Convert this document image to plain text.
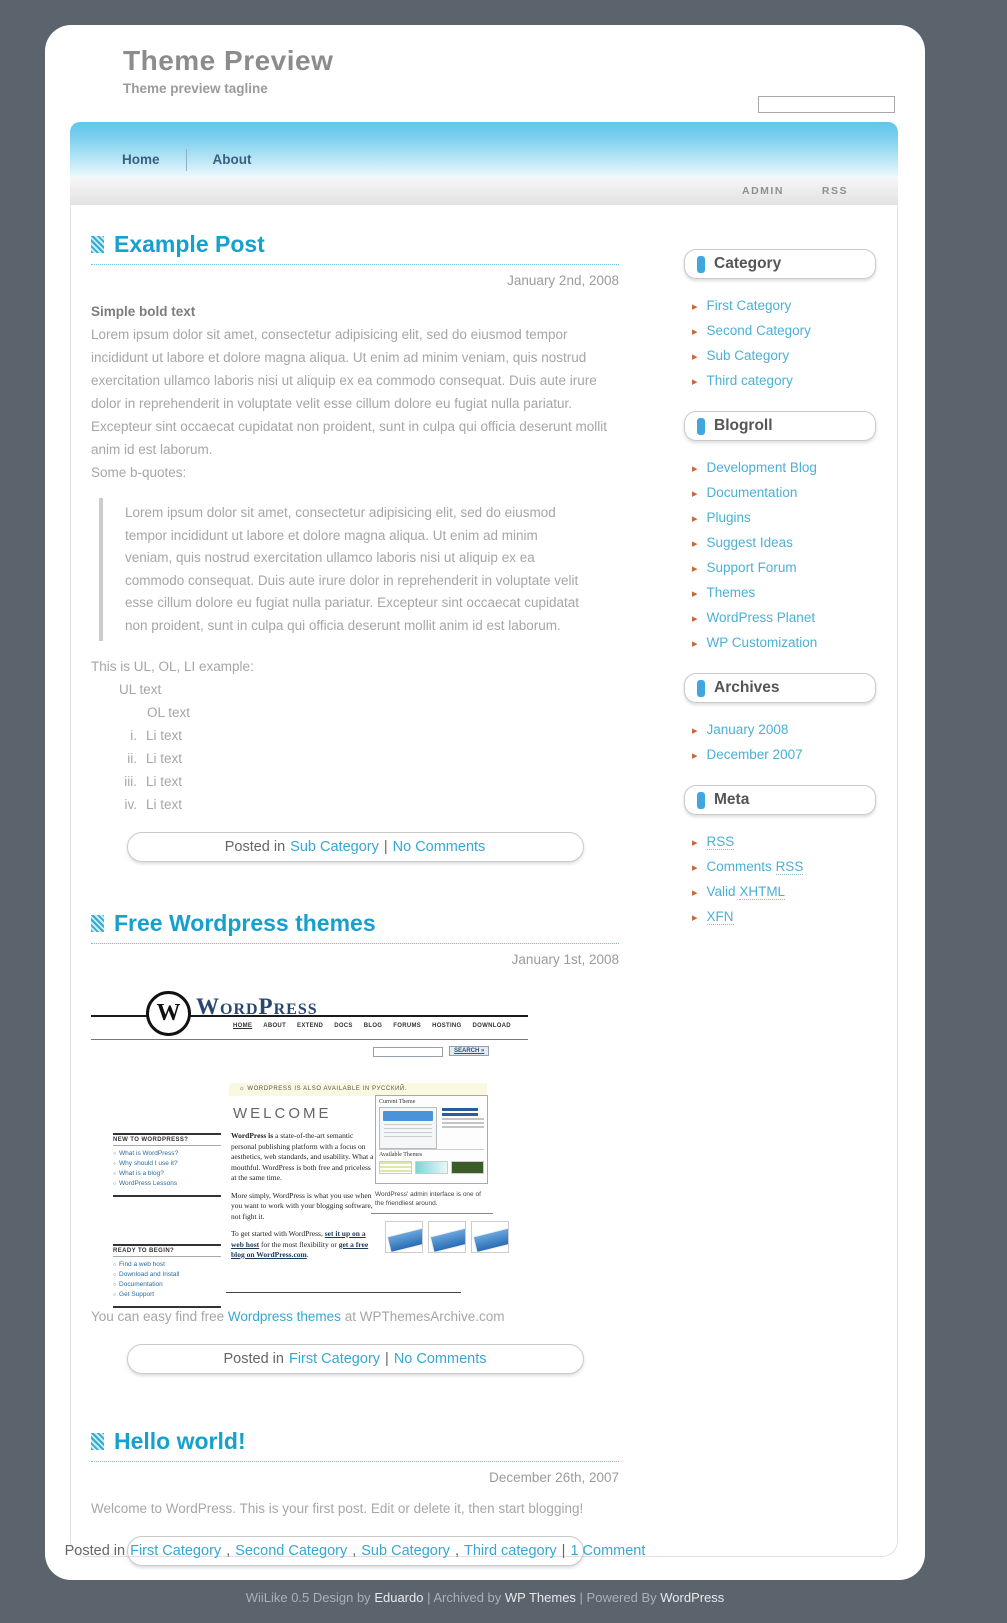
Theme Preview
Theme preview tagline
Home	About
ADMIN	RSS
Example Post
January 2nd, 2008

Simple bold text

Lorem ipsum dolor sit amet, consectetur adipisicing elit, sed do eiusmod tempor incididunt ut labore et dolore magna aliqua. Ut enim ad minim veniam, quis nostrud exercitation ullamco laboris nisi ut aliquip ex ea commodo consequat. Duis aute irure dolor in reprehenderit in voluptate velit esse cillum dolore eu fugiat nulla pariatur. Excepteur sint occaecat cupidatat non proident, sunt in culpa qui officia deserunt mollit anim id est laborum.

Some b-quotes:

Lorem ipsum dolor sit amet, consectetur adipisicing elit, sed do eiusmod tempor incididunt ut labore et dolore magna aliqua. Ut enim ad minim veniam, quis nostrud exercitation ullamco laboris nisi ut aliquip ex ea commodo consequat. Duis aute irure dolor in reprehenderit in voluptate velit esse cillum dolore eu fugiat nulla pariatur. Excepteur sint occaecat cupidatat non proident, sunt in culpa qui officia deserunt mollit anim id est laborum.

This is UL, OL, LI example:

UL text
OL text
i. Li text
ii. Li text
iii. Li text
iv. Li text
Posted in Sub Category | No Comments
Free Wordpress themes
January 1st, 2008
W WordPress
HOME ABOUT EXTEND DOCS BLOG FORUMS HOSTING DOWNLOAD
SEARCH »
☼ WORDPRESS IS ALSO AVAILABLE IN РУССКИЙ.
WELCOME
NEW TO WORDPRESS?
○ What is WordPress?
○ Why should I use it?
○ What is a blog?
○ WordPress Lessons
READY TO BEGIN?
○ Find a web host
○ Download and Install
○ Documentation
○ Get Support

WordPress is a state-of-the-art semantic personal publishing platform with a focus on aesthetics, web standards, and usability. What a mouthful. WordPress is both free and priceless at the same time.

More simply, WordPress is what you use when you want to work with your blogging software, not fight it.

To get started with WordPress, set it up on a web host for the most flexibility or get a free blog on WordPress.com.

Current Theme
Available Themes
WordPress' admin interface is one of the friendliest around.

You can easy find free Wordpress themes at WPThemesArchive.com

Posted in First Category | No Comments
Hello world!
December 26th, 2007

Welcome to WordPress. This is your first post. Edit or delete it, then start blogging!

Posted in First Category , Second Category , Sub Category , Third category | 1 Comment
Category
▸ First Category
▸ Second Category
▸ Sub Category
▸ Third category
Blogroll
▸ Development Blog
▸ Documentation
▸ Plugins
▸ Suggest Ideas
▸ Support Forum
▸ Themes
▸ WordPress Planet
▸ WP Customization
Archives
▸ January 2008
▸ December 2007
Meta
▸ RSS
▸ Comments RSS
▸ Valid XHTML
▸ XFN
WiiLike 0.5 Design by Eduardo | Archived by WP Themes | Powered By WordPress
